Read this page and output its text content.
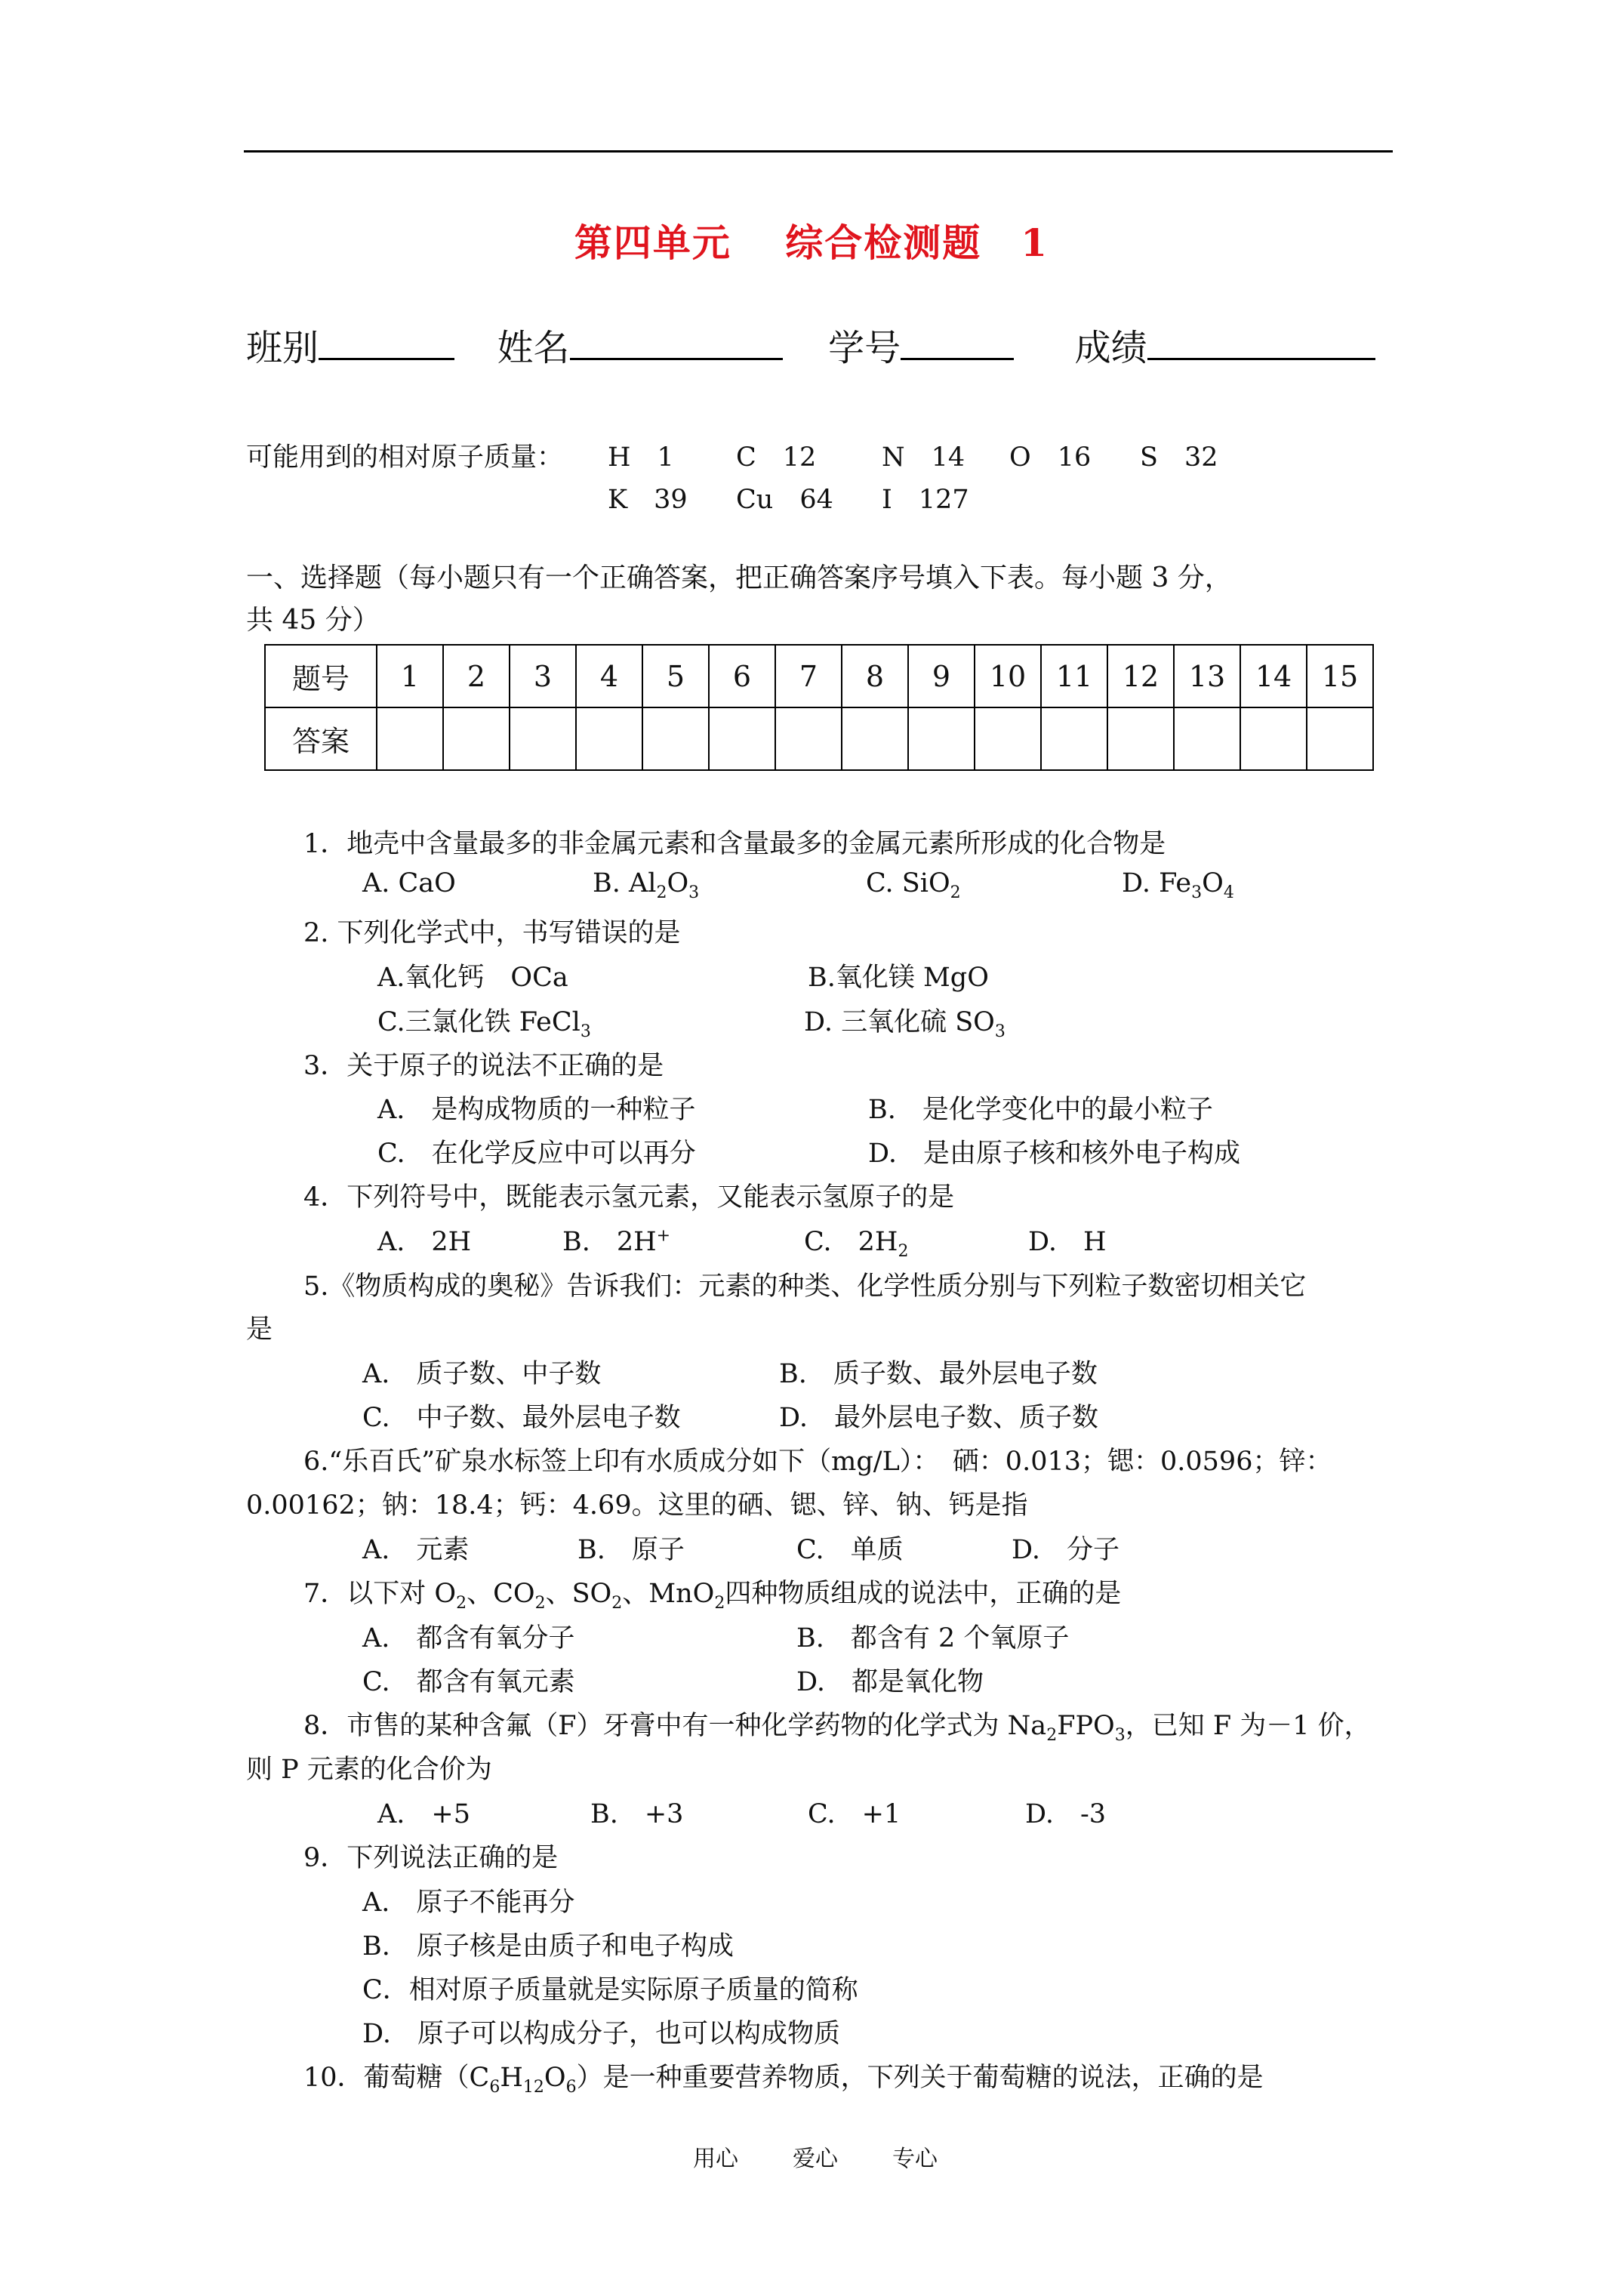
第四单元　 综合检测题　1
班别	姓名	学号	成绩
可能用到的相对原子质量： H　1 C　12 N　14 O　16 S　32
K　39 Cu　64 I　127
一、选择题（每小题只有一个正确答案，把正确答案序号填入下表。每小题 3 分，
共 45 分）
题号	1	2	3	4	5	6	7	8	9	10	11	12	13	14	15
答案															
1．地壳中含量最多的非金属元素和含量最多的金属元素所形成的化合物是
A. CaO	B. $Al_2O_3$	C. SiO$_2$	D. $Fe_3O_4$
2. 下列化学式中，书写错误的是
A.氧化钙　OCa	B.氧化镁 MgO
C.三氯化铁 FeCl$_3$	D. 三氧化硫 $SO_3$
3．关于原子的说法不正确的是
A.　是构成物质的一种粒子	B.　是化学变化中的最小粒子
C.　在化学反应中可以再分	D.　是由原子核和核外电子构成
4．下列符号中，既能表示氢元素，又能表示氢原子的是
A.　2H	B.　2H+	C.　$2H_2$	D.　H
5.《物质构成的奥秘》告诉我们：元素的种类、化学性质分别与下列粒子数密切相关它
是
A.　质子数、中子数	B.　质子数、最外层电子数
C.　中子数、最外层电子数	D.　最外层电子数、质子数
6.“乐百氏”矿泉水标签上印有水质成分如下（mg/L）：　硒：0.013；锶：0.0596；锌：
0.00162；钠：18.4；钙：4.69。这里的硒、锶、锌、钠、钙是指
A.　元素	B.　原子	C.　单质	D.　分子
7．以下对 $O_2$、$CO_2$、$SO_2$、MnO$_2$四种物质组成的说法中，正确的是
A.　都含有氧分子	B.　都含有 2 个氧原子
C.　都含有氧元素	D.　都是氧化物
8．市售的某种含氟（F）牙膏中有一种化学药物的化学式为 $Na_2FPO_3$，已知 F 为－1 价，
则 P 元素的化合价为
A.　+5	B.　+3	C.　+1	D.　-3
9．下列说法正确的是
A.　原子不能再分
B.　原子核是由质子和电子构成
C．相对原子质量就是实际原子质量的简称
D.　原子可以构成分子，也可以构成物质
10．葡萄糖$(C_6H_{12}O_6)$是一种重要营养物质，下列关于葡萄糖的说法，正确的是
用心 爱心 专心
